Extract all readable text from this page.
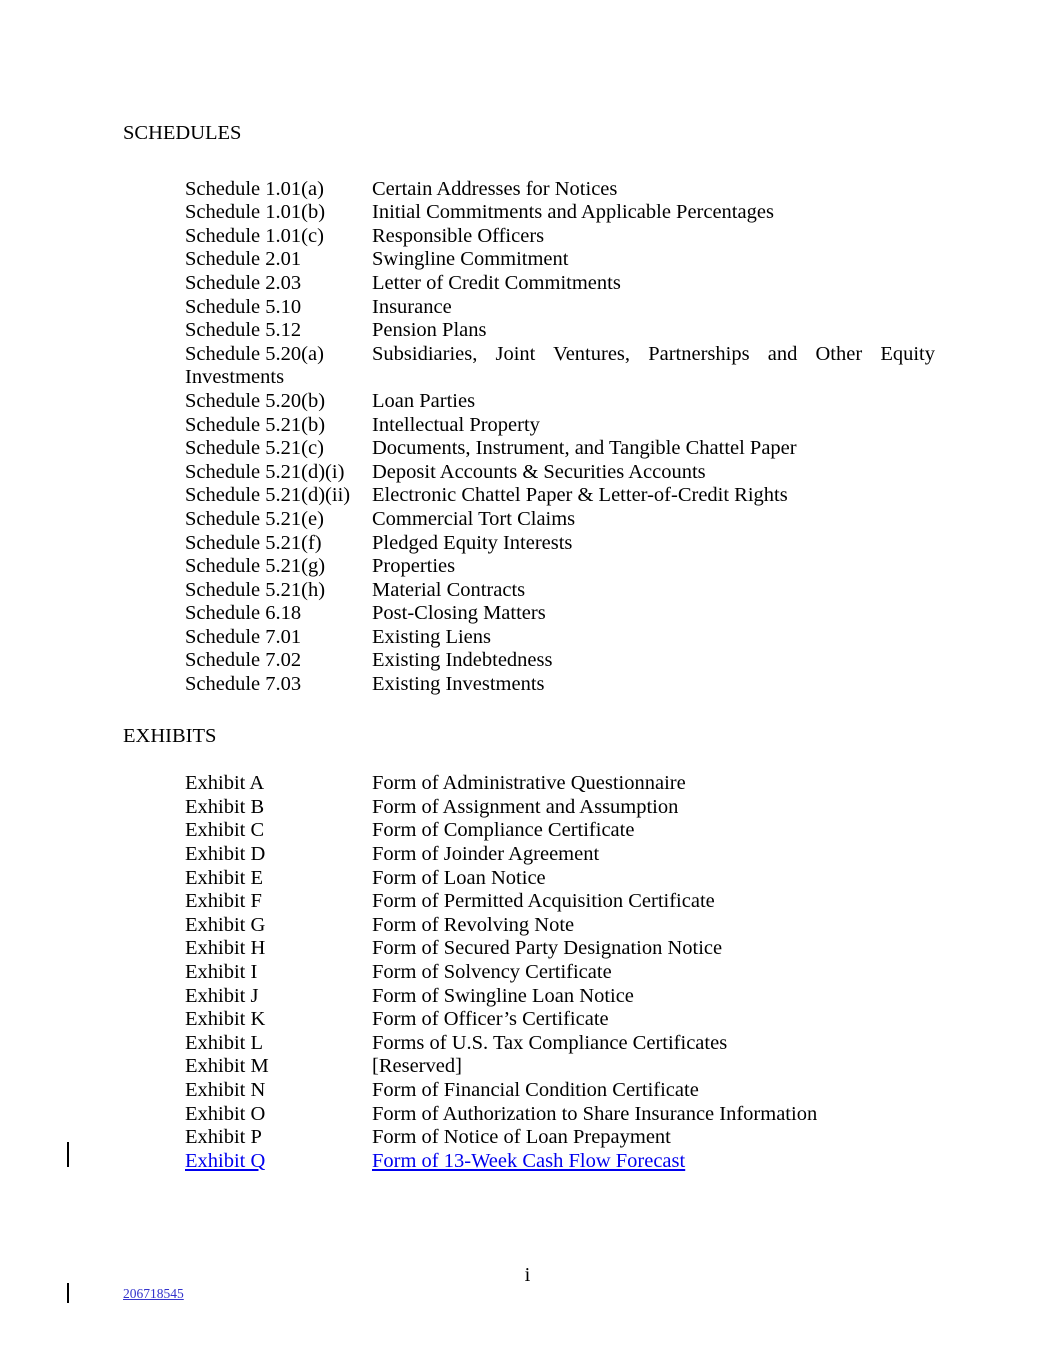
SCHEDULES

Schedule 1.01(a) Certain Addresses for Notices

Schedule 1.01(b) Initial Commitments and Applicable Percentages

Schedule 1.01(c) Responsible Officers

Schedule 2.01	Swingline Commitment

Schedule 2.03	Letter of Credit Commitments

Schedule 5.10	Insurance

Schedule 5.12	Pension Plans

Schedule 5.20(a) Subsidiaries, Joint Ventures, Partnerships and Other Equity Investments

Schedule 5.20(b) Loan Parties

Schedule 5.21(b) Intellectual Property

Schedule 5.21(c) Documents, Instrument, and Tangible Chattel Paper

Schedule 5.21(d)(i) Deposit Accounts & Securities Accounts

Schedule 5.21(d)(ii) Electronic Chattel Paper & Letter-of-Credit Rights

Schedule 5.21(e) Commercial Tort Claims

Schedule 5.21(f) Pledged Equity Interests

Schedule 5.21(g) Properties

Schedule 5.21(h) Material Contracts

Schedule 6.18	Post-Closing Matters

Schedule 7.01	Existing Liens

Schedule 7.02	Existing Indebtedness

Schedule 7.03	Existing Investments

EXHIBITS

Exhibit A	Form of Administrative Questionnaire

Exhibit B	Form of Assignment and Assumption

Exhibit C	Form of Compliance Certificate

Exhibit D	Form of Joinder Agreement

Exhibit E	Form of Loan Notice

Exhibit F	Form of Permitted Acquisition Certificate

Exhibit G	Form of Revolving Note

Exhibit H	Form of Secured Party Designation Notice

Exhibit I	Form of Solvency Certificate

Exhibit J	Form of Swingline Loan Notice

Exhibit K	Form of Officer’s Certificate

Exhibit L	Forms of U.S. Tax Compliance Certificates

Exhibit M	[Reserved]

Exhibit N	Form of Financial Condition Certificate

Exhibit O	Form of Authorization to Share Insurance Information

Exhibit P	Form of Notice of Loan Prepayment

Exhibit Q	Form of 13-Week Cash Flow Forecast

i
206718545
